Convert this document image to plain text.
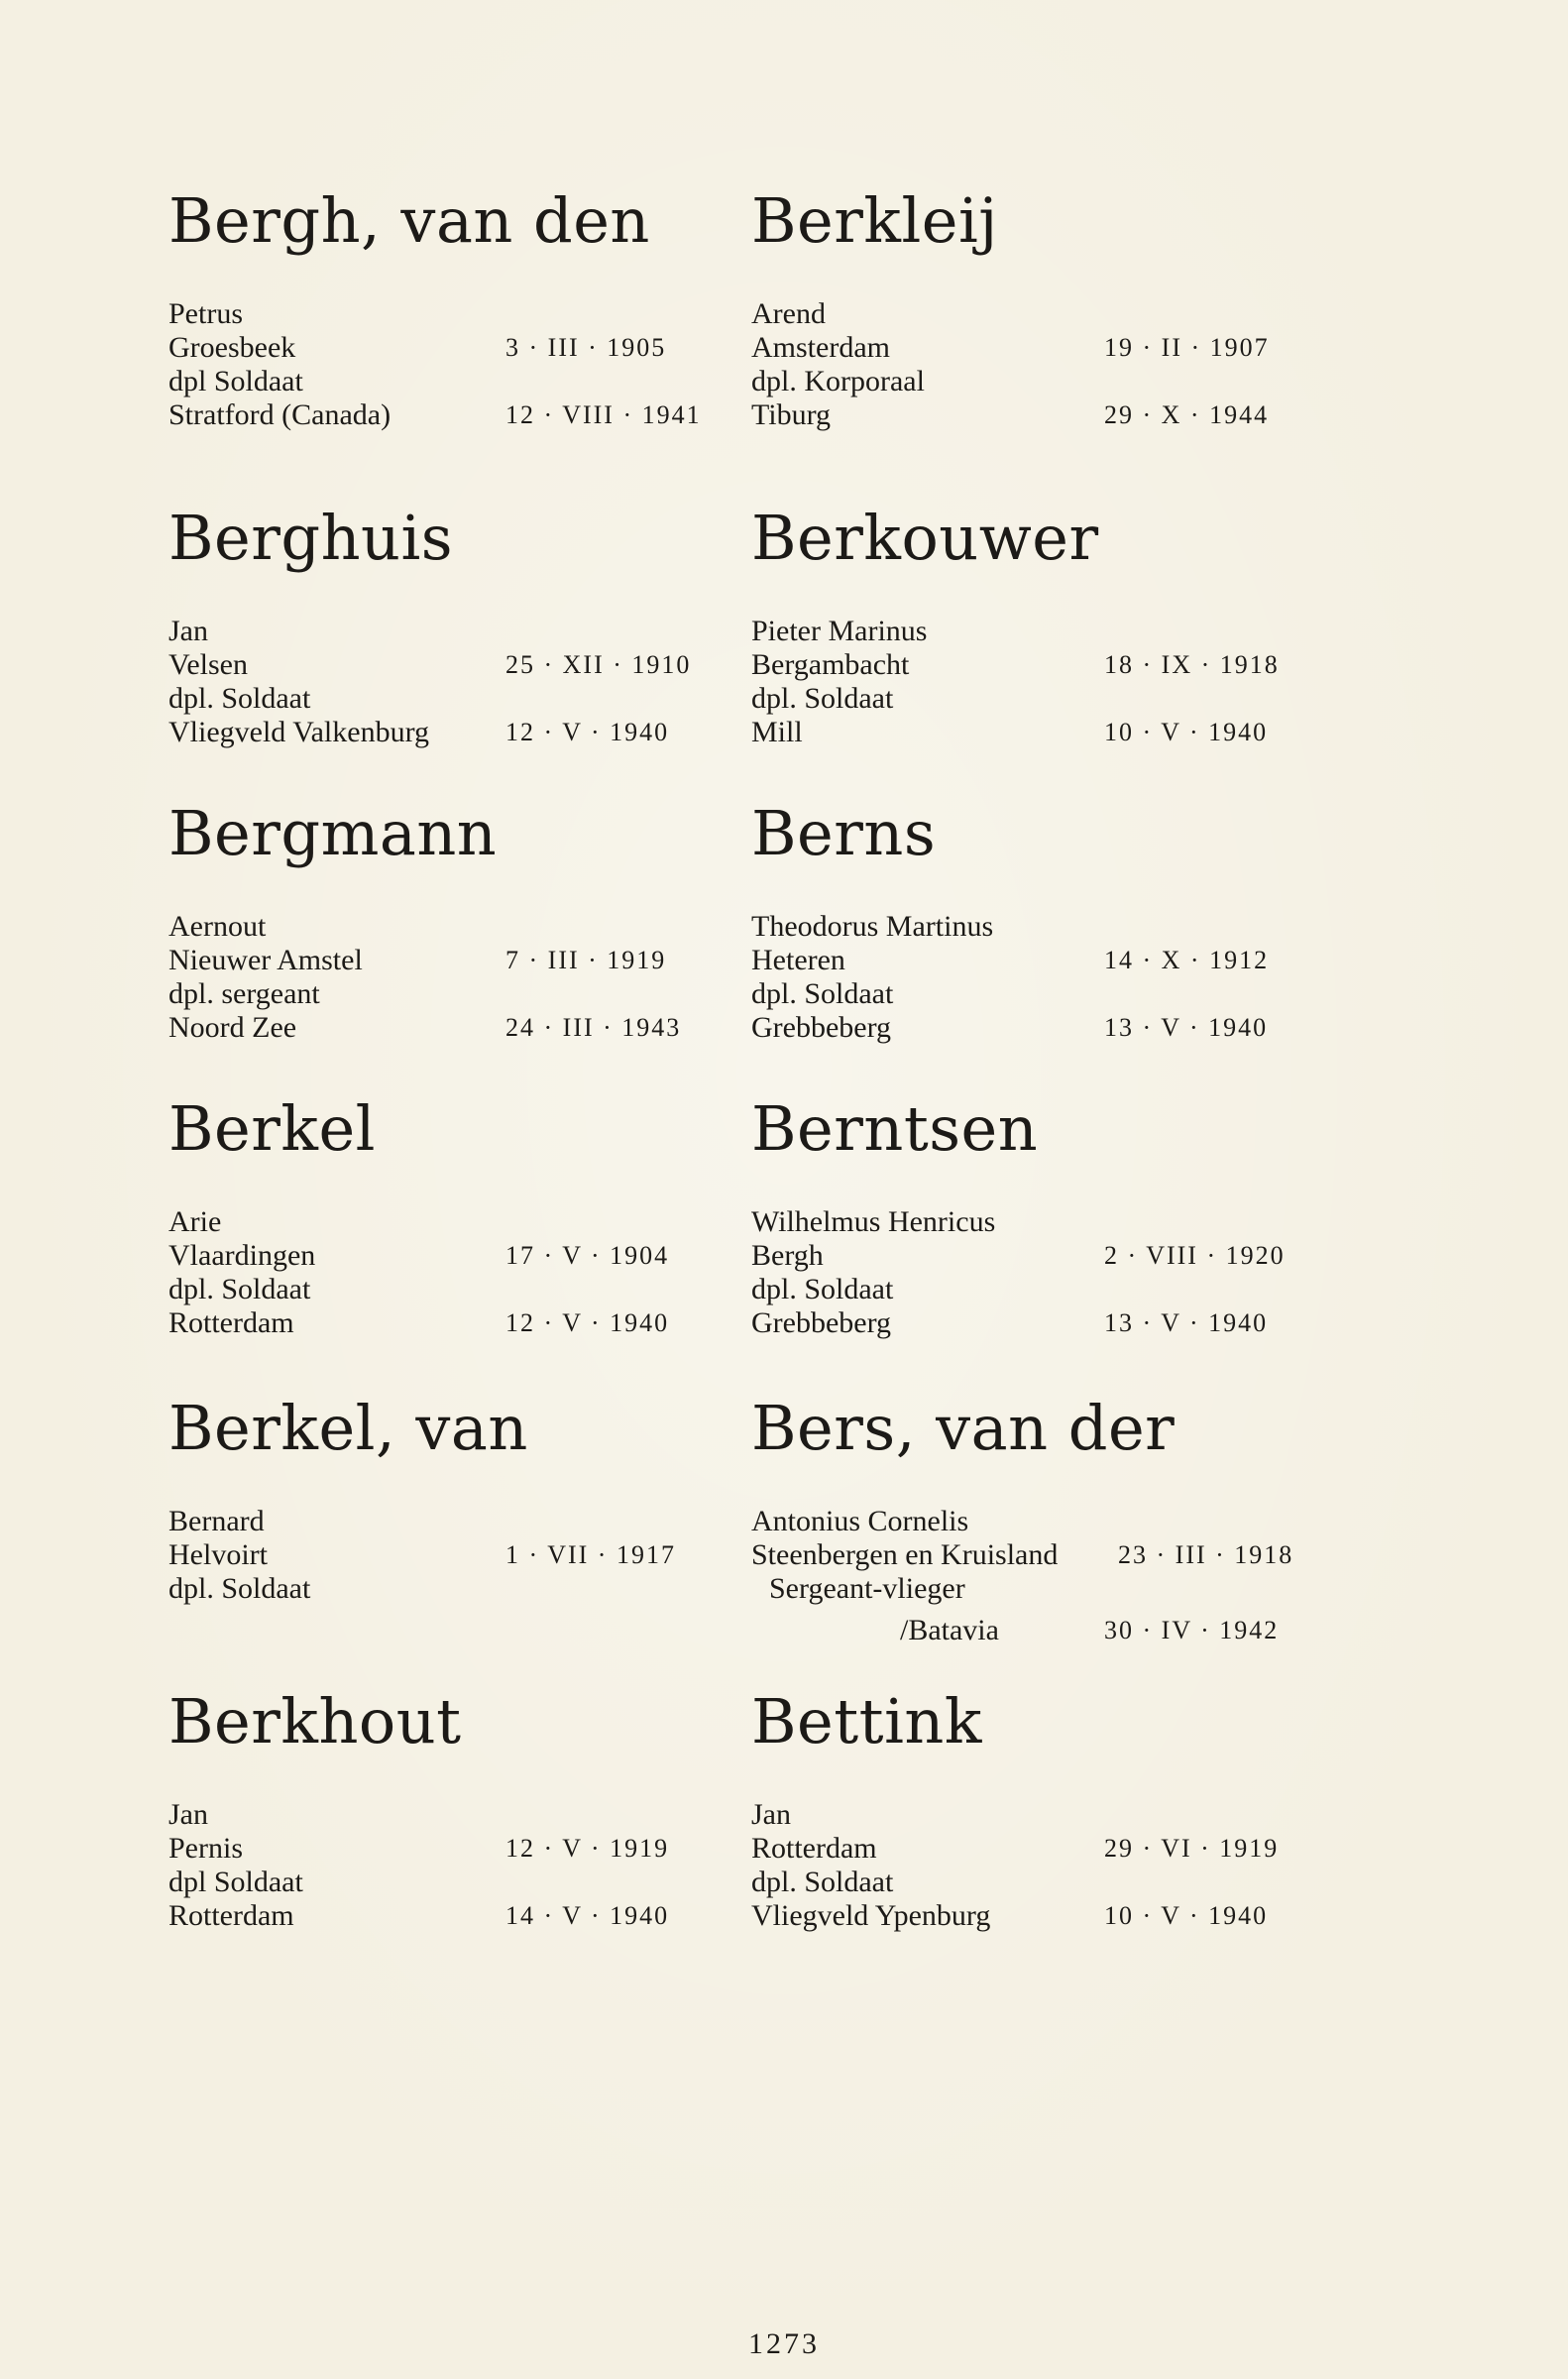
Bergh, van den
Petrus
Groesbeek	3 · III · 1905
dpl Soldaat
Stratford (Canada)	12 · VIII · 1941
Berghuis
Jan
Velsen	25 · XII · 1910
dpl. Soldaat
Vliegveld Valkenburg	12 · V · 1940
Bergmann
Aernout
Nieuwer Amstel	7 · III · 1919
dpl. sergeant
Noord Zee	24 · III · 1943
Berkel
Arie
Vlaardingen	17 · V · 1904
dpl. Soldaat
Rotterdam	12 · V · 1940
Berkel, van
Bernard
Helvoirt	1 · VII · 1917
dpl. Soldaat
Berkhout
Jan
Pernis	12 · V · 1919
dpl Soldaat
Rotterdam	14 · V · 1940
Berkleij
Arend
Amsterdam	19 · II · 1907
dpl. Korporaal
Tiburg	29 · X · 1944
Berkouwer
Pieter Marinus
Bergambacht	18 · IX · 1918
dpl. Soldaat
Mill	10 · V · 1940
Berns
Theodorus Martinus
Heteren	14 · X · 1912
dpl. Soldaat
Grebbeberg	13 · V · 1940
Berntsen
Wilhelmus Henricus
Bergh	2 · VIII · 1920
dpl. Soldaat
Grebbeberg	13 · V · 1940
Bers, van der
Antonius Cornelis
Steenbergen en Kruisland 23 · III · 1918
Sergeant-vlieger
/Batavia	30 · IV · 1942
Bettink
Jan
Rotterdam	29 · VI · 1919
dpl. Soldaat
Vliegveld Ypenburg	10 · V · 1940
1273
